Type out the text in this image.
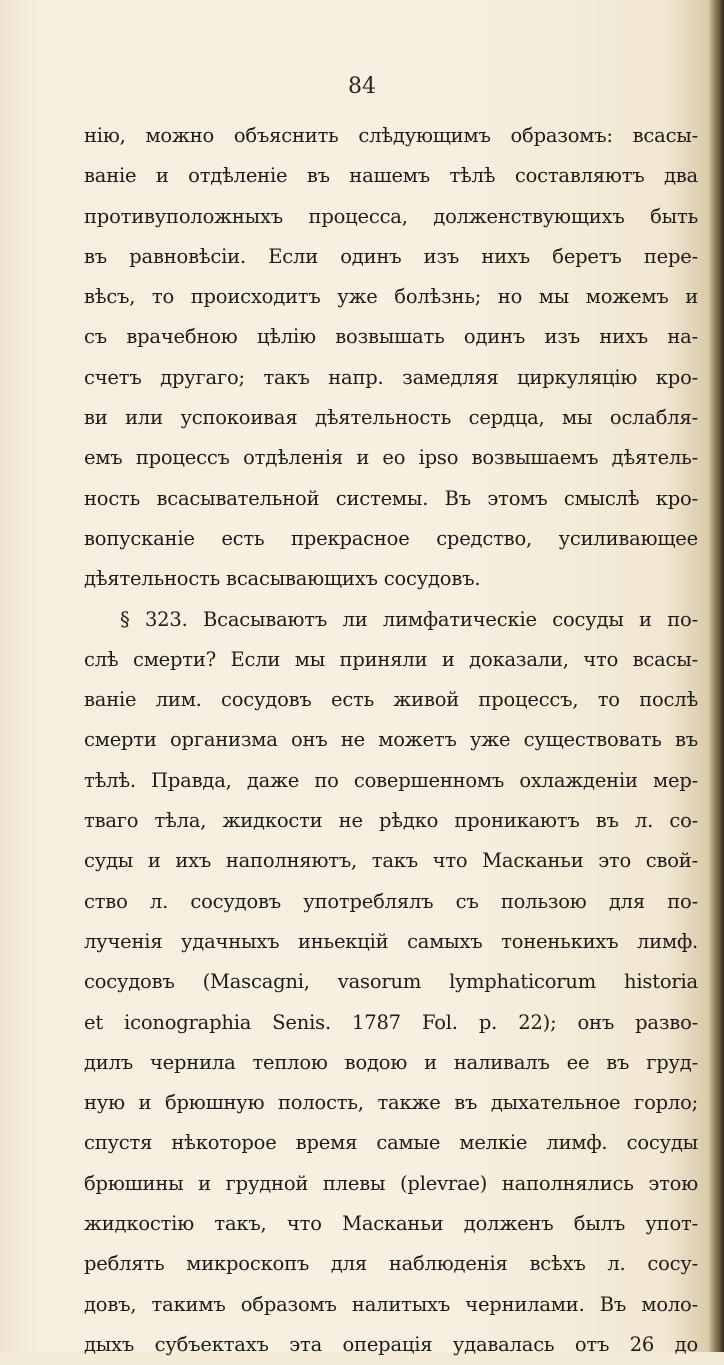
84
нію, можно объяснить слѣдующимъ образомъ: всасы-
ваніе и отдѣленіе въ нашемъ тѣлѣ составляютъ два
противуположныхъ процесса, долженствующихъ быть
въ равновѣсіи. Если одинъ изъ нихъ беретъ пере-
вѣсъ, то происходитъ уже болѣзнь; но мы можемъ и
съ врачебною цѣлію возвышать одинъ изъ нихъ на-
счетъ другаго; такъ напр. замедляя циркуляцію кро-
ви или успокоивая дѣятельность сердца, мы ослабля-
емъ процессъ отдѣленія и eo ipso возвышаемъ дѣятель-
ность всасывательной системы. Въ этомъ смыслѣ кро-
вопусканіе есть прекрасное средство, усиливающее
дѣятельность всасывающихъ сосудовъ.
§ 323. Всасываютъ ли лимфатическіе сосуды и по-
слѣ смерти? Если мы приняли и доказали, что всасы-
ваніе лим. сосудовъ есть живой процессъ, то послѣ
смерти организма онъ не можетъ уже существовать въ
тѣлѣ. Правда, даже по совершенномъ охлажденіи мер-
тваго тѣла, жидкости не рѣдко проникаютъ въ л. со-
суды и ихъ наполняютъ, такъ что Масканьи это свой-
ство л. сосудовъ употреблялъ съ пользою для по-
лученія удачныхъ иньекцій самыхъ тоненькихъ лимф.
сосудовъ (Mascagni, vasorum lymphaticorum historia
et iconographia Senis. 1787 Fol. p. 22); онъ разво-
дилъ чернила теплою водою и наливалъ ее въ груд-
ную и брюшную полость, также въ дыхательное горло;
спустя нѣкоторое время самые мелкіе лимф. сосуды
брюшины и грудной плевы (plevrae) наполнялись этою
жидкостію такъ, что Масканьи долженъ былъ упот-
реблять микроскопъ для наблюденія всѣхъ л. сосу-
довъ, такимъ образомъ налитыхъ чернилами. Въ моло-
дыхъ субъектахъ эта операція удавалась отъ 26 до
